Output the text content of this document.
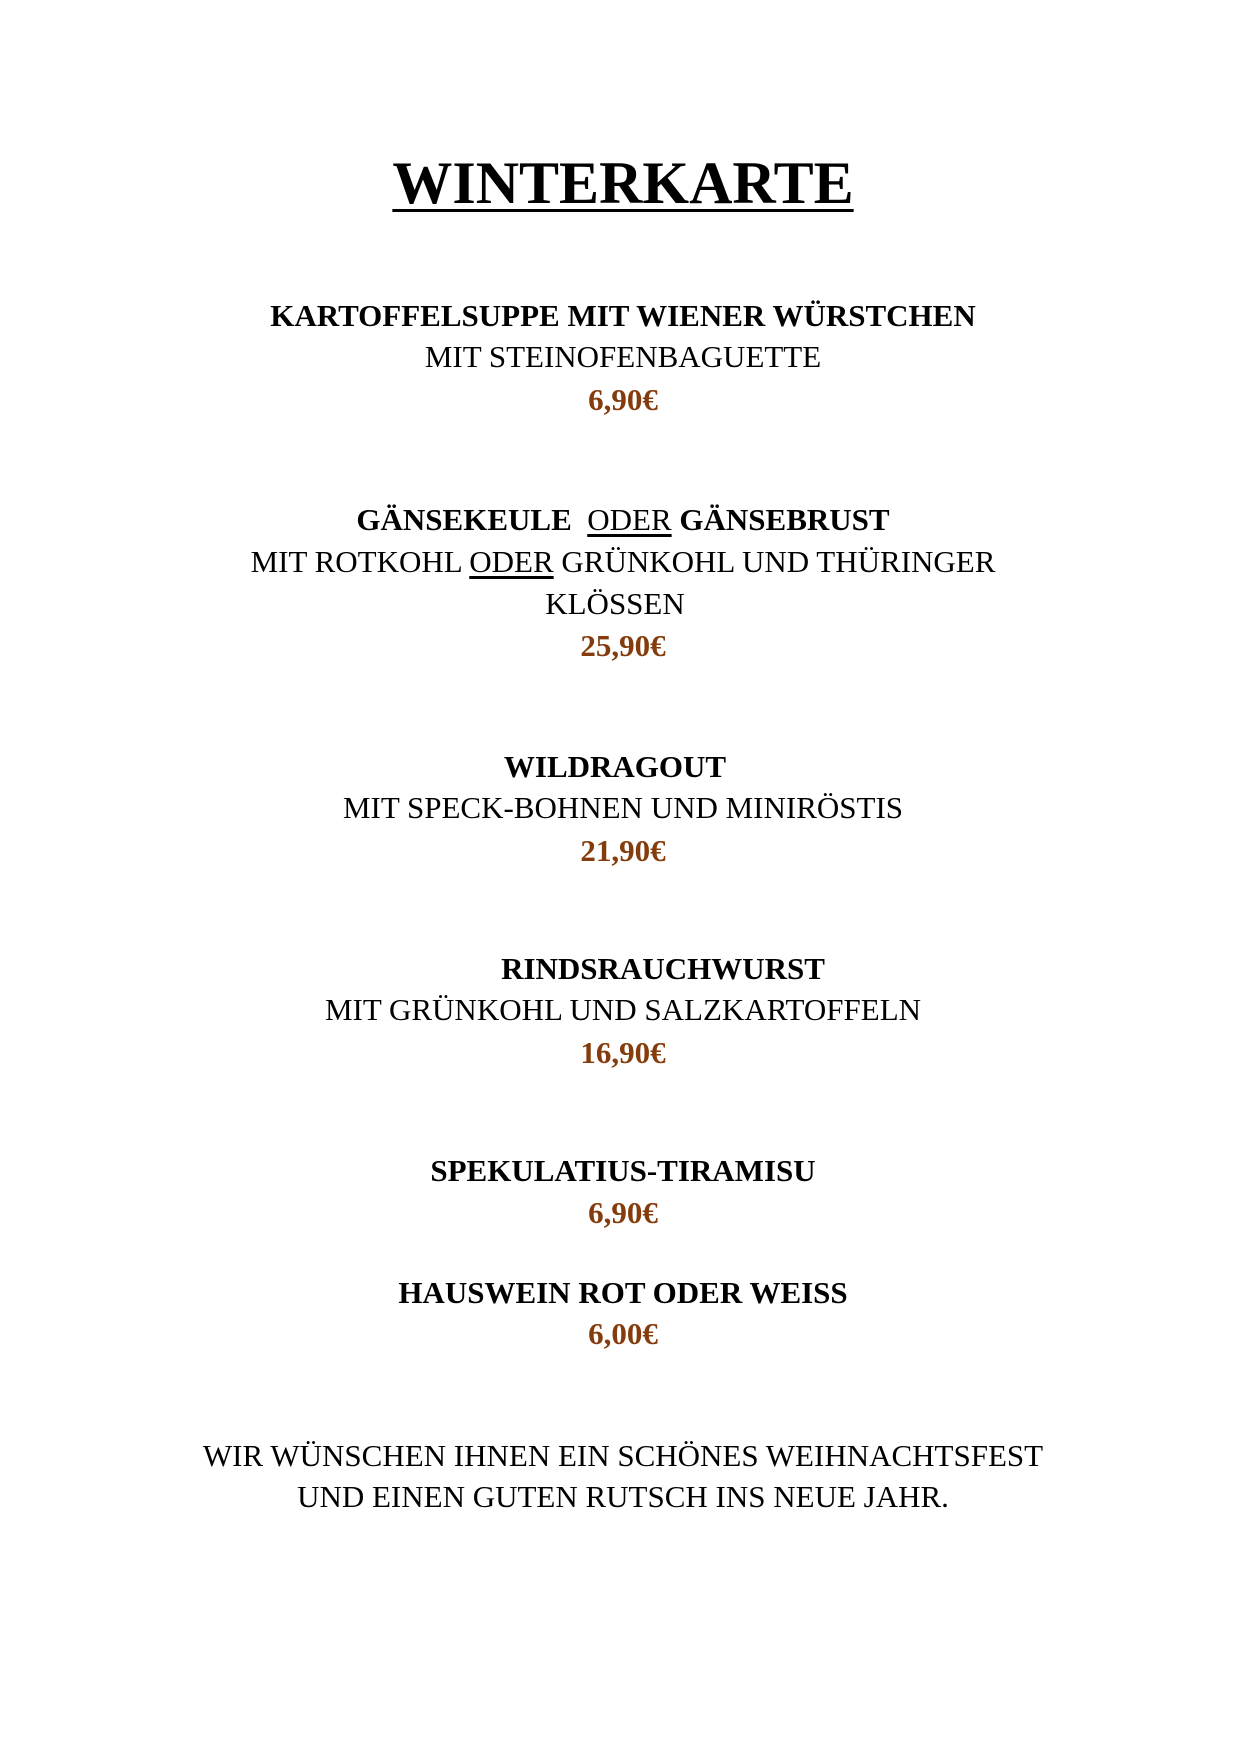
WINTERKARTE
KARTOFFELSUPPE MIT WIENER WÜRSTCHEN
MIT STEINOFENBAGUETTE
6,90€
GÄNSEKEULE ODER GÄNSEBRUST
MIT ROTKOHL ODER GRÜNKOHL UND THÜRINGER
KLÖSSEN
25,90€
WILDRAGOUT
MIT SPECK-BOHNEN UND MINIRÖSTIS
21,90€
RINDSRAUCHWURST
MIT GRÜNKOHL UND SALZKARTOFFELN
16,90€
SPEKULATIUS-TIRAMISU
6,90€
HAUSWEIN ROT ODER WEISS
6,00€
WIR WÜNSCHEN IHNEN EIN SCHÖNES WEIHNACHTSFEST
UND EINEN GUTEN RUTSCH INS NEUE JAHR.
